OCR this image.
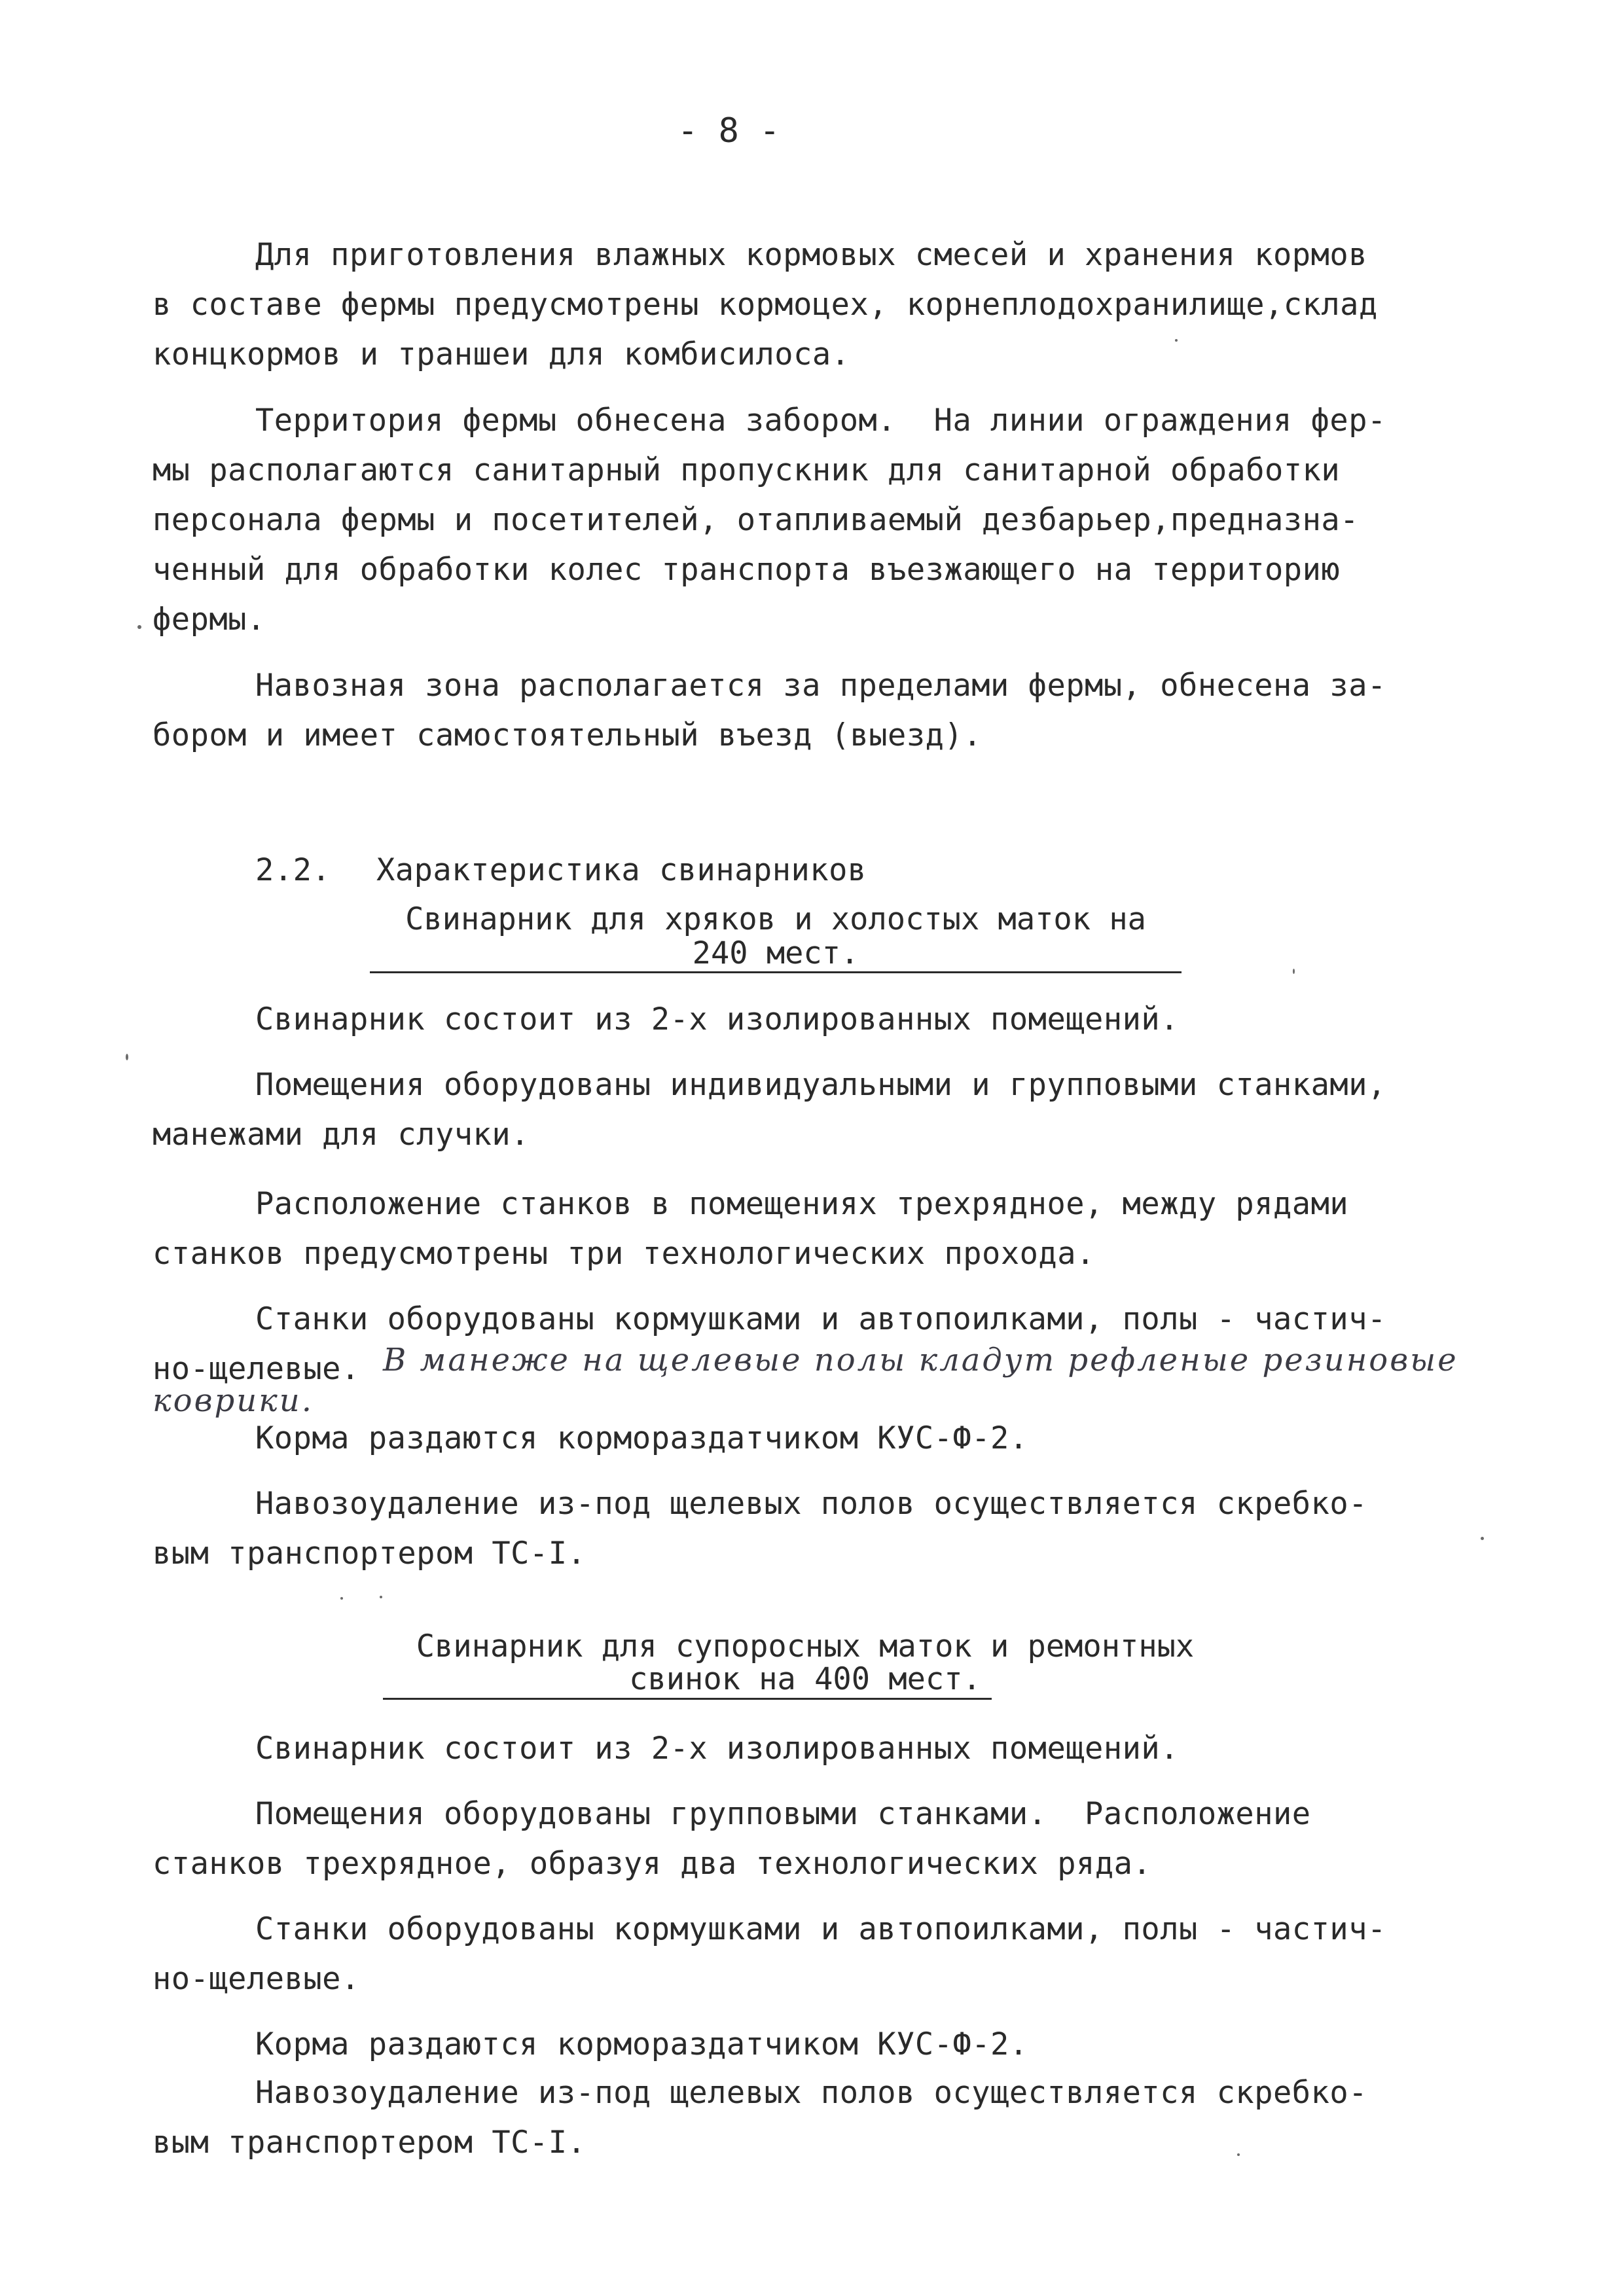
- 8 -
Для приготовления влажных кормовых смесей и хранения кормов
в составе фермы предусмотрены кормоцех, корнеплодохранилище,склад
концкормов и траншеи для комбисилоса.
Территория фермы обнесена забором.  На линии ограждения фер-
мы располагаются санитарный пропускник для санитарной обработки
персонала фермы и посетителей, отапливаемый дезбарьер,предназна-
ченный для обработки колес транспорта въезжающего на территорию
фермы.
Навозная зона располагается за пределами фермы, обнесена за-
бором и имеет самостоятельный въезд (выезд).
2.2. Характеристика свинарников
Свинарник для хряков и холостых маток на
240 мест.
Свинарник состоит из 2-х изолированных помещений.
Помещения оборудованы индивидуальными и групповыми станками,
манежами для случки.
Расположение станков в помещениях трехрядное, между рядами
станков предусмотрены три технологических прохода.
Станки оборудованы кормушками и автопоилками, полы - частич-
но-щелевые. В манеже на щелевые полы кладут рефленые резиновые
коврики.
Корма раздаются кормораздатчиком КУС-Ф-2.
Навозоудаление из-под щелевых полов осуществляется скребко-
вым транспортером ТС-I.
Свинарник для супоросных маток и ремонтных
свинок на 400 мест.
Свинарник состоит из 2-х изолированных помещений.
Помещения оборудованы групповыми станками.  Расположение
станков трехрядное, образуя два технологических ряда.
Станки оборудованы кормушками и автопоилками, полы - частич-
но-щелевые.
Корма раздаются кормораздатчиком КУС-Ф-2.
Навозоудаление из-под щелевых полов осуществляется скребко-
вым транспортером ТС-I.
